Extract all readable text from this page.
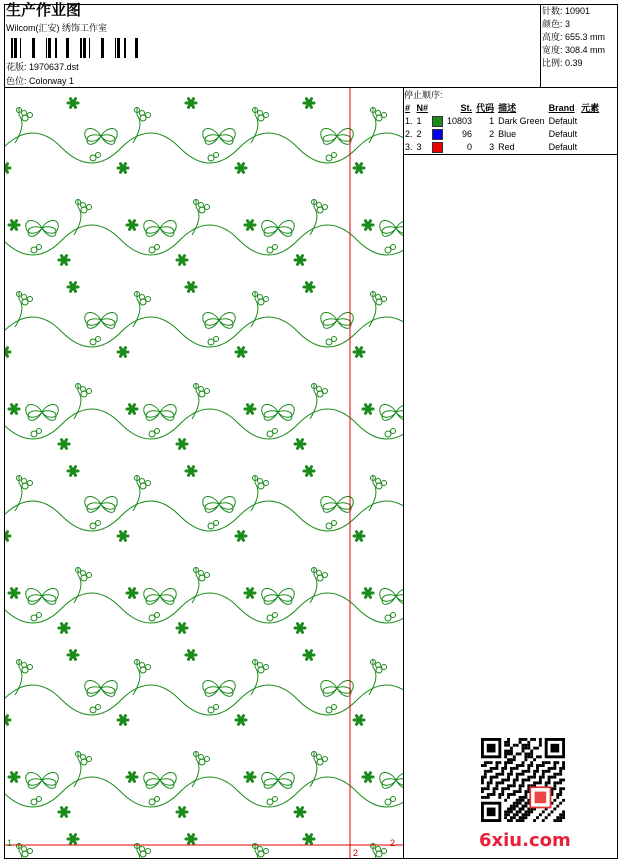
生产作业图
Wilcom(汇安) 绣饰工作室
花版: 1970637.dst
色位: Colorway 1
针数: 10901
颜色: 3
高度: 655.3 mm
宽度: 308.4 mm
比例: 0.39
停止顺序:
#	N#		St.	代码	描述	Brand	元素
1.	1		10803	1	Dark Green	Default	
2.	2		96	2	Blue	Default	
3.	3		0	3	Red	Default	
1
2
2	6xiu.com
